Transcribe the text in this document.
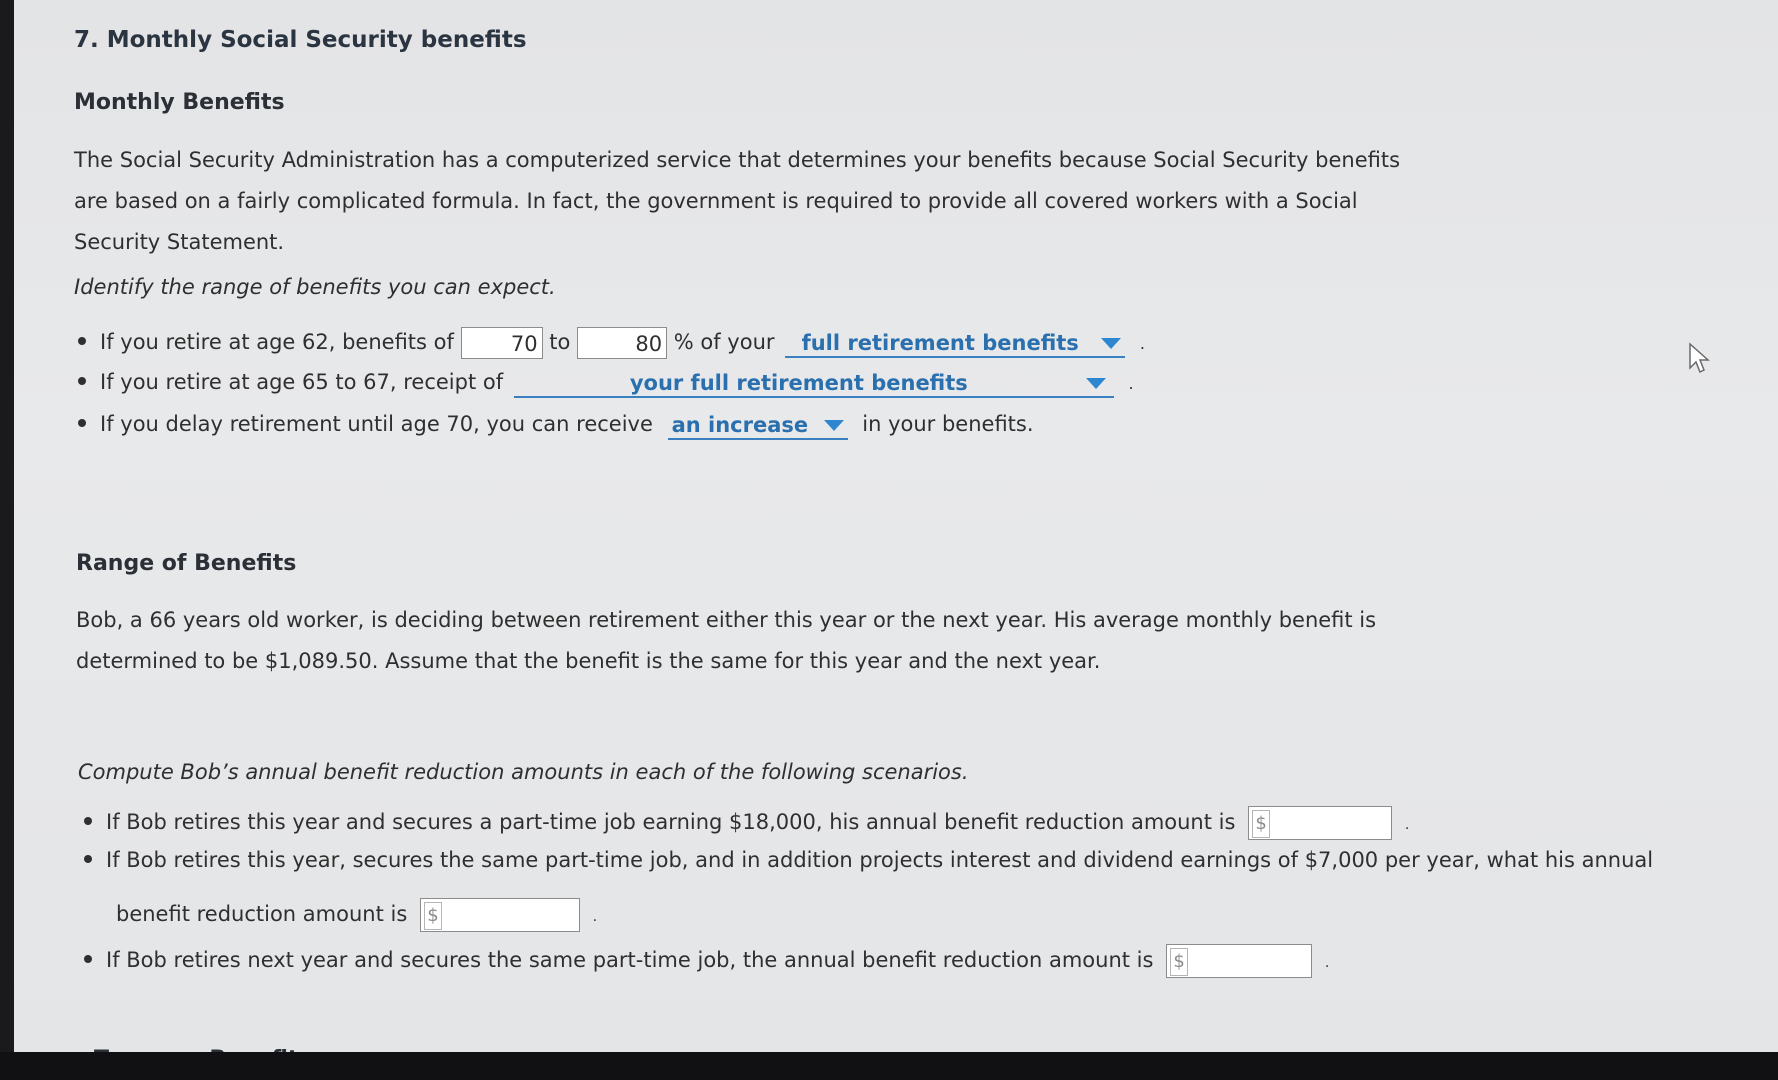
7. Monthly Social Security benefits
Monthly Benefits
The Social Security Administration has a computerized service that determines your benefits because Social Security benefits are based on a fairly complicated formula. In fact, the government is required to provide all covered workers with a Social Security Statement.
Identify the range of benefits you can expect.
If you retire at age 62, benefits of	70 to	80 % of your full retirement benefits	.
If you retire at age 65 to 67, receipt of	your full retirement benefits	.
If you delay retirement until age 70, you can receive an increase	in your benefits.
Range of Benefits
Bob, a 66 years old worker, is deciding between retirement either this year or the next year. His average monthly benefit is determined to be $1,089.50. Assume that the benefit is the same for this year and the next year.
Compute Bob’s annual benefit reduction amounts in each of the following scenarios.
If Bob retires this year and secures a part-time job earning $18,000, his annual benefit reduction amount is $	.
If Bob retires this year, secures the same part-time job, and in addition projects interest and dividend earnings of $7,000 per year, what his annual
benefit reduction amount is $	.
If Bob retires next year and secures the same part-time job, the annual benefit reduction amount is $	.
